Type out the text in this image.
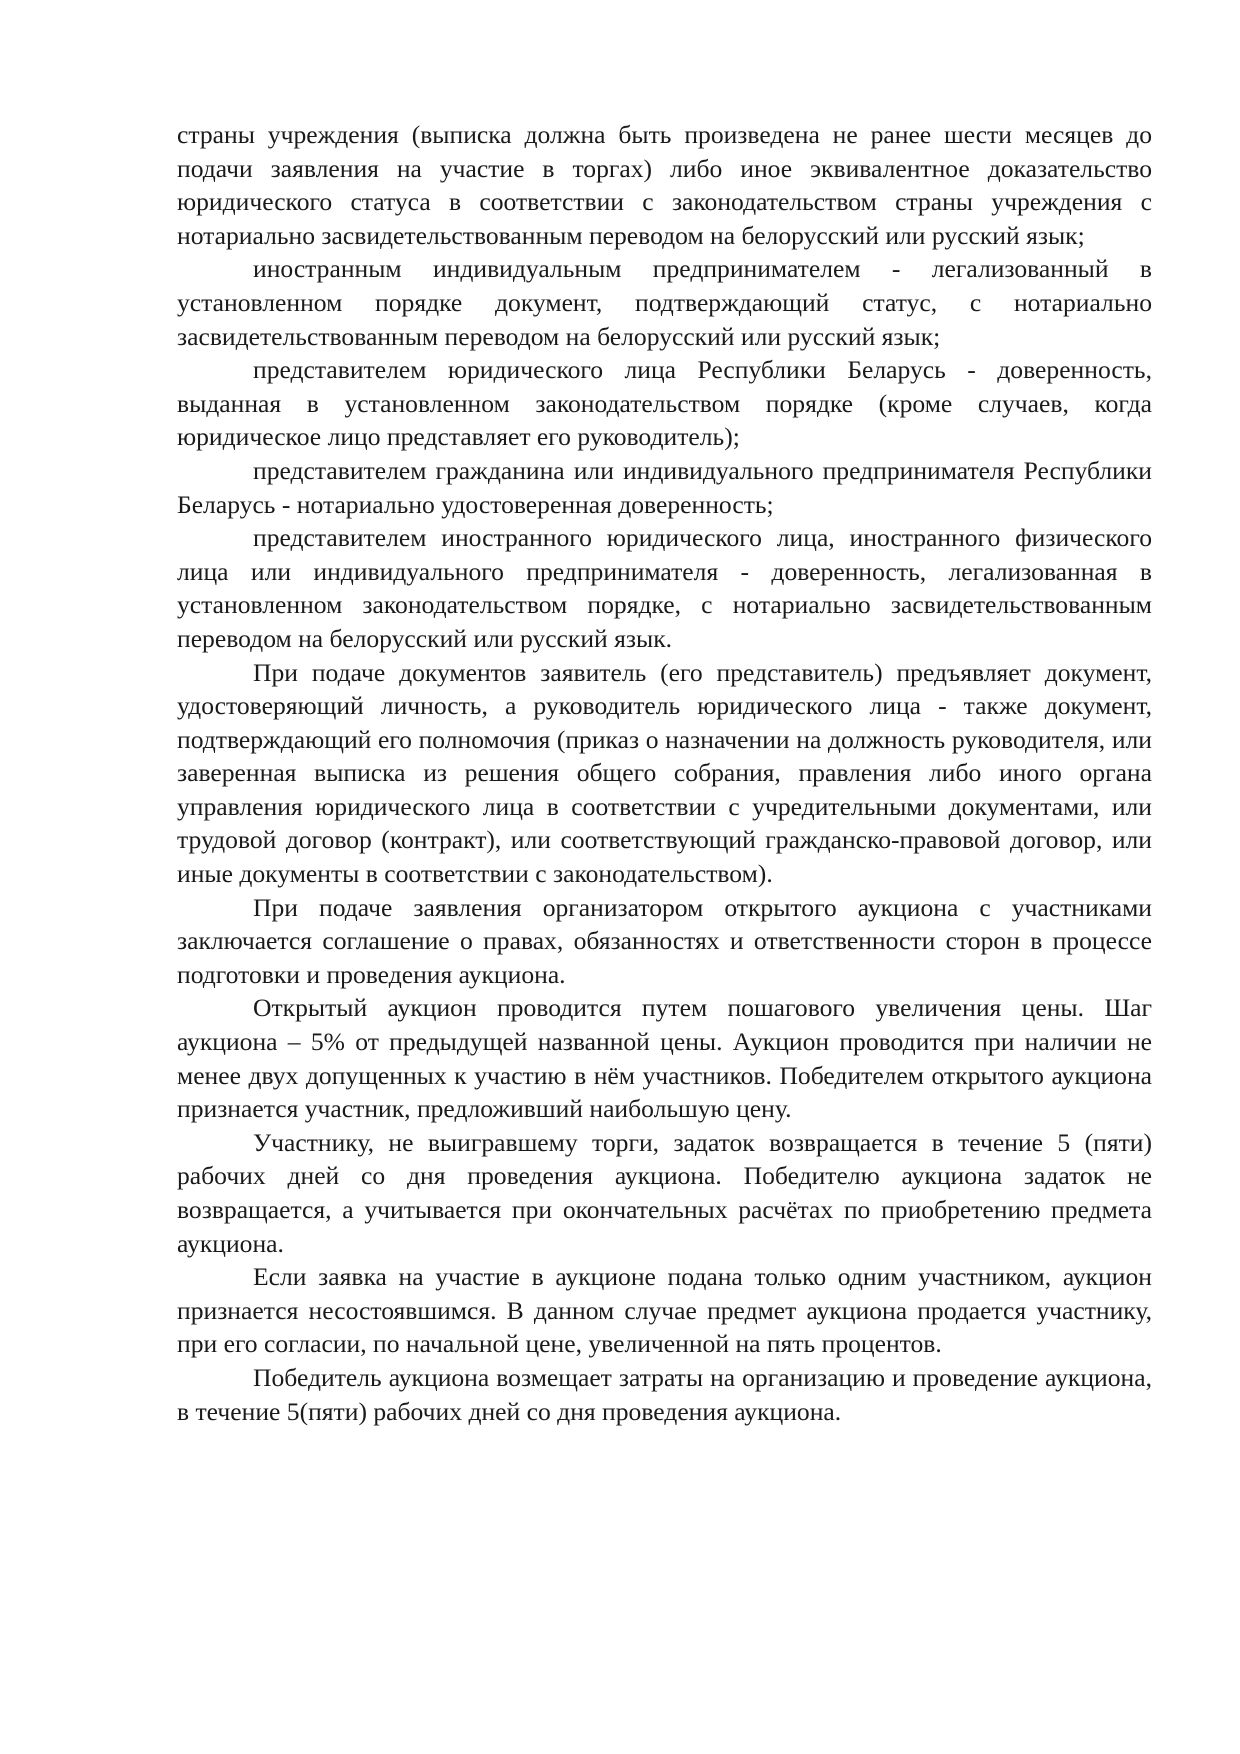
страны учреждения (выписка должна быть произведена не ранее шести месяцев до подачи заявления на участие в торгах) либо иное эквивалентное доказательство юридического статуса в соответствии с законодательством страны учреждения с нотариально засвидетельствованным переводом на белорусский или русский язык;

иностранным индивидуальным предпринимателем - легализованный в установленном порядке документ, подтверждающий статус, с нотариально засвидетельствованным переводом на белорусский или русский язык;

представителем юридического лица Республики Беларусь - доверенность, выданная в установленном законодательством порядке (кроме случаев, когда юридическое лицо представляет его руководитель);

представителем гражданина или индивидуального предпринимателя Республики Беларусь - нотариально удостоверенная доверенность;

представителем иностранного юридического лица, иностранного физического лица или индивидуального предпринимателя - доверенность, легализованная в установленном законодательством порядке, с нотариально засвидетельствованным переводом на белорусский или русский язык.

При подаче документов заявитель (его представитель) предъявляет документ, удостоверяющий личность, а руководитель юридического лица - также документ, подтверждающий его полномочия (приказ о назначении на должность руководителя, или заверенная выписка из решения общего собрания, правления либо иного органа управления юридического лица в соответствии с учредительными документами, или трудовой договор (контракт), или соответствующий гражданско-правовой договор, или иные документы в соответствии с законодательством).

При подаче заявления организатором открытого аукциона с участниками заключается соглашение о правах, обязанностях и ответственности сторон в процессе подготовки и проведения аукциона.

Открытый аукцион проводится путем пошагового увеличения цены. Шаг аукциона – 5% от предыдущей названной цены. Аукцион проводится при наличии не менее двух допущенных к участию в нём участников. Победителем открытого аукциона признается участник, предложивший наибольшую цену.

Участнику, не выигравшему торги, задаток возвращается в течение 5 (пяти) рабочих дней со дня проведения аукциона. Победителю аукциона задаток не возвращается, а учитывается при окончательных расчётах по приобретению предмета аукциона.

Если заявка на участие в аукционе подана только одним участником, аукцион признается несостоявшимся. В данном случае предмет аукциона продается участнику, при его согласии, по начальной цене, увеличенной на пять процентов.

Победитель аукциона возмещает затраты на организацию и проведение аукциона, в течение 5(пяти) рабочих дней со дня проведения аукциона.
